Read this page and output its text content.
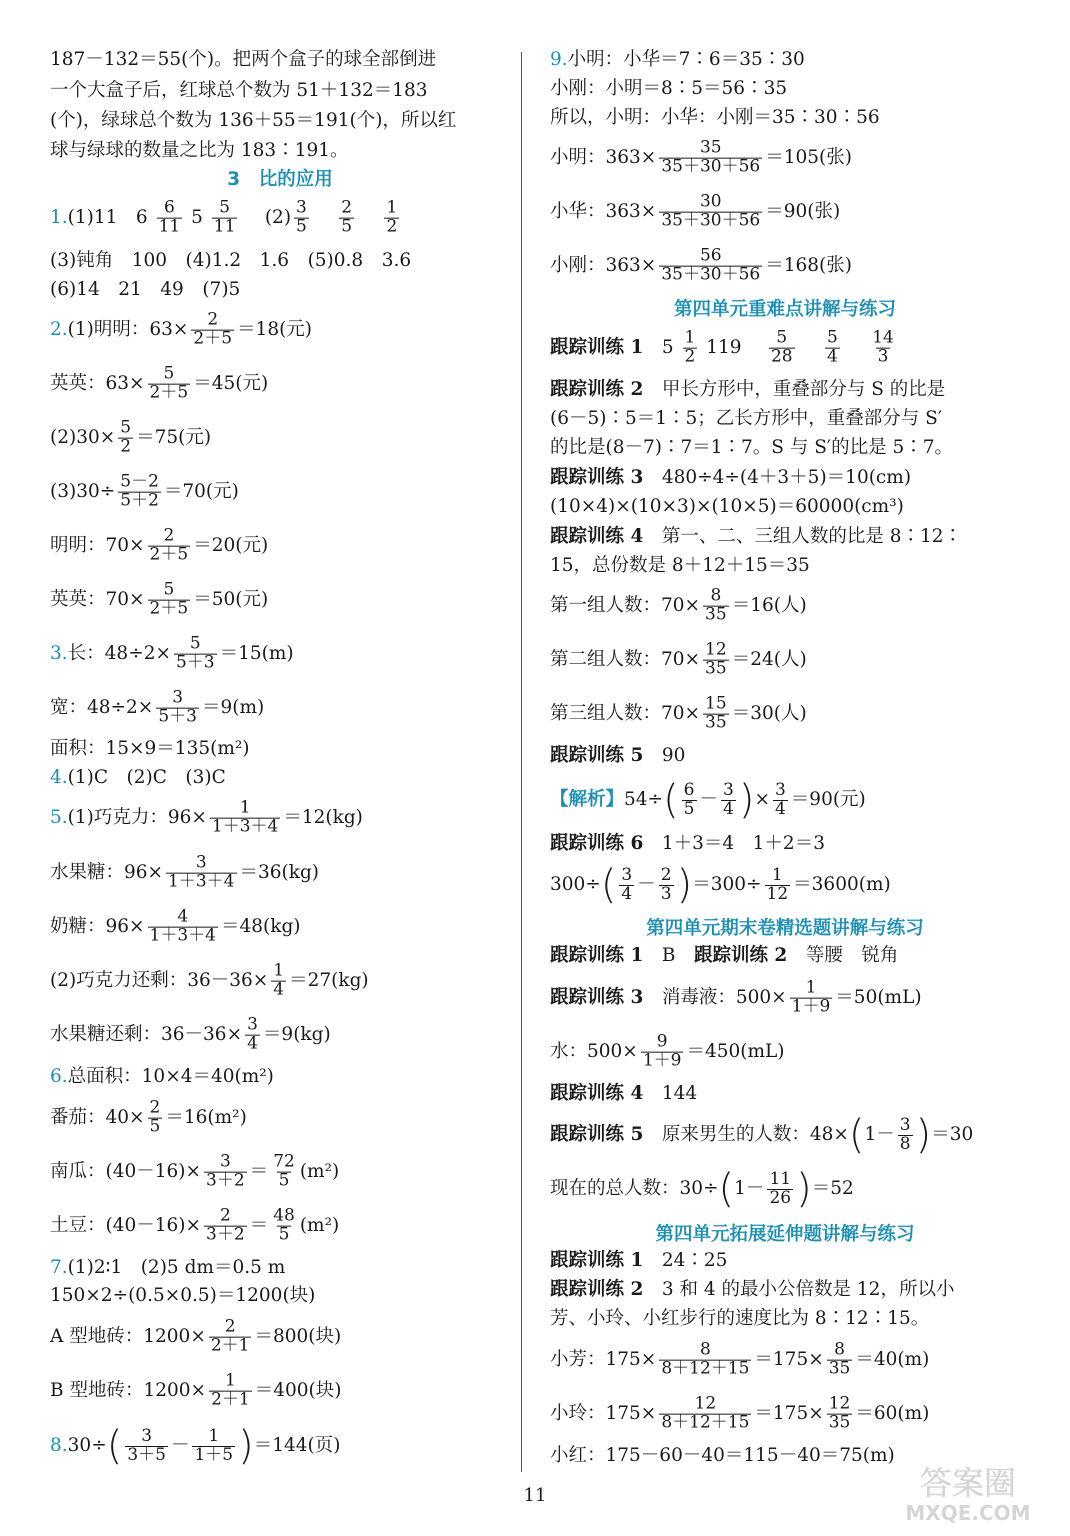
187－132＝55(个)。把两个盒子的球全部倒进
一个大盒子后，红球总个数为 51＋132＝183
(个)，绿球总个数为 136＋55＝191(个)，所以红
球与绿球的数量之比为 183∶191。
3　 比的应用
1.(1)11　 $6 \frac{6}{11} 5 \frac{5}{11}$
　 $(2) \frac{3}{5}$
　 $\frac{2}{5}$
　 $\frac{1}{2}$
(3)钝角　100　(4)1.2　1.6　(5)0.8　3.6
(6)14　21　49　(7)5
2.(1)明明：$63\times \frac{2}{2+5} =18$(元)
英英：$63\times \frac{5}{2+5} =45$(元)
$(2)30\times \frac{5}{2} =75$(元)
$(3)30\div \frac{5-2}{5+2} =70$(元)
明明：$70\times \frac{2}{2+5} =20$(元)
英英：$70\times \frac{5}{2+5} =50$(元)
3.长：$48\div 2\times \frac{5}{5+3} =15(m)$
宽：$48\div 2\times \frac{3}{5+3} =9(m)$
面积：15×9＝135(m²)
4.(1)C　(2)C　(3)C
5.(1)巧克力：$96\times \frac{1}{1+3+4} =12(kg)$
水果糖：$96\times \frac{3}{1+3+4} =36(kg)$
奶糖：$96\times \frac{4}{1+3+4} =48(kg)$
(2)巧克力还剩：$36-36\times \frac{1}{4} =27(kg)$
水果糖还剩：$36-36\times \frac{3}{4} =9(kg)$
6.总面积：10×4＝40(m²)
番茄：$40\times \frac{2}{5} =16(m^2)$
南瓜：$(40-16)\times \frac{3}{3+2} = \frac{72}{5} (m^2)$
土豆：$(40-16)\times \frac{2}{3+2} = \frac{48}{5} (m^2)$
7.(1)2∶1　(2)5 dm＝0.5 m
150×2÷(0.5×0.5)＝1200(块)
A 型地砖：$1200\times \frac{2}{2+1} =800$(块)
B 型地砖：$1200\times \frac{1}{2+1} =400$(块)
$8.30\div( \frac{3}{3+5} - \frac{1}{1+5} )=144$(页)
9.小明：小华＝7∶6＝35∶30
小刚：小明＝8∶5＝56∶35
所以，小明：小华：小刚＝35∶30∶56
小明：$363\times \frac{35}{35+30+56} =105$(张)
小华：$363\times \frac{30}{35+30+56} =90$(张)
小刚：$363\times \frac{56}{35+30+56} =168$(张)
第四单元重难点讲解与练习
跟踪训练 1　 $5 \frac{1}{2} 119$　 $\frac{5}{28}$
　 $\frac{5}{4}$
　 $\frac{14}{3}$
跟踪训练 2　 甲长方形中，重叠部分与 S 的比是
(6－5)∶5＝1∶5；乙长方形中，重叠部分与 S′
的比是(8－7)∶7＝1∶7。S 与 S′的比是 5∶7。
跟踪训练 3　 480÷4÷(4＋3＋5)＝10(cm)
(10×4)×(10×3)×(10×5)＝60000(cm³)
跟踪训练 4　 第一、二、三组人数的比是 8∶12∶
15，总份数是 8＋12＋15＝35
第一组人数：$70\times \frac{8}{35} =16$(人)
第二组人数：$70\times \frac{12}{35} =24$(人)
第三组人数：$70\times \frac{15}{35} =30$(人)
跟踪训练 5　 90
【解析】$54\div( \frac{6}{5} - \frac{3}{4}$ )× $\frac{3}{4} =90$(元)
跟踪训练 6　 1＋3＝4　1＋2＝3
$300\div( \frac{3}{4} - \frac{2}{3} )=300\div \frac{1}{12} =3600(m)$
第四单元期末卷精选题讲解与练习
跟踪训练 1　 B　 跟踪训练 2　 等腰　锐角
跟踪训练 3　 消毒液：$500\times \frac{1}{1+9} =50(mL)$
水：$500\times \frac{9}{1+9} =450(mL)$
跟踪训练 4　 144
跟踪训练 5　 原来男生的人数：$48\times(1- \frac{3}{8} )=30$
现在的总人数：$30\div(1- \frac{11}{26} )=52$
第四单元拓展延伸题讲解与练习
跟踪训练 1　 24∶25
跟踪训练 2　 3 和 4 的最小公倍数是 12，所以小
芳、小玲、小红步行的速度比为 8∶12∶15。
小芳：$175\times \frac{8}{8+12+15} =175\times \frac{8}{35} =40(m)$
小玲：$175\times \frac{12}{8+12+15} =175\times \frac{12}{35} =60(m)$
小红：175－60－40＝115－40＝75(m)
11	答案圈
MXQE.COM
